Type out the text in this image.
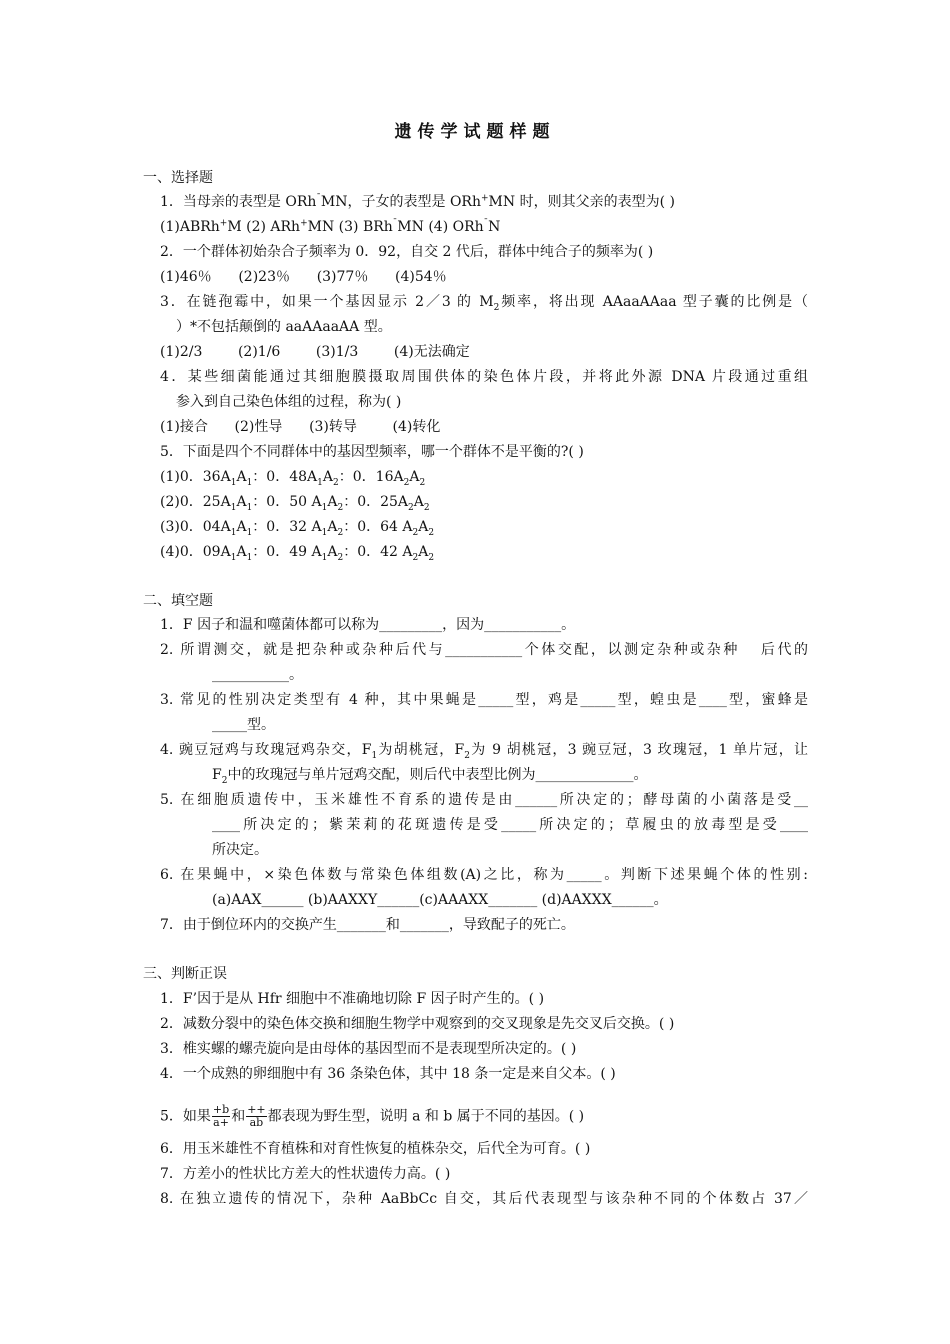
遗传学试题样题
一、选择题
1．当母亲的表型是 ORh¯MN，子女的表型是 ORh+MN 时，则其父亲的表型为( )
(1)ABRh+M (2) ARh+MN (3) BRh¯MN (4) ORh¯N
2．一个群体初始杂合子频率为 0．92，自交 2 代后，群体中纯合子的频率为( )
(1)46％      (2)23％      (3)77％      (4)54％
3．在链孢霉中，如果一个基因显示 2／3 的 $M_2$频率，将出现 AAaaAAaa 型子囊的比例是（
）*不包括颠倒的 aaAAaaAA 型。
(1)2/3        (2)1/6        (3)1/3        (4)无法确定
4．某些细菌能通过其细胞膜摄取周围供体的染色体片段，并将此外源 DNA 片段通过重组
参入到自己染色体组的过程，称为( )
(1)接合      (2)性导      (3)转导        (4)转化
5．下面是四个不同群体中的基因型频率，哪一个群体不是平衡的?( )
(1)0．$36A_1A_1$：0．$48A_1A_2$：0．$16A_2A_2$
(2)0．$25A_1A_1$：0．50 $A_1A_2$：0．$25A_2A_2$
(3)0．$04A_1A_1$：0．32 $A_1A_2$：0．64 $A_2A_2$
(4)0．$09A_1A_1$：0．49 $A_1A_2$：0．42 $A_2A_2$
二、填空题
1．F 因子和温和噬菌体都可以称为_________，因为___________。
2. 所谓测交，就是把杂种或杂种后代与___________个体交配，以测定杂种或杂种   后代的
___________。
3. 常见的性别决定类型有 4 种，其中果蝇是_____型，鸡是_____型，蝗虫是____型，蜜蜂是
_____型。
4. 豌豆冠鸡与玫瑰冠鸡杂交，$F_1$为胡桃冠，$F_2$为 9 胡桃冠，3 豌豆冠，3 玫瑰冠，1 单片冠，让
$F_2$中的玫瑰冠与单片冠鸡交配，则后代中表型比例为______________。
5. 在细胞质遗传中，玉米雄性不育系的遗传是由______所决定的；酵母菌的小菌落是受__
____所决定的；紫茉莉的花斑遗传是受_____所决定的；草履虫的放毒型是受____
所决定。
6. 在果蝇中，×染色体数与常染色体组数(A)之比，称为_____。判断下述果蝇个体的性别:
(a)AAX______ (b)AAXXY______(c)AAAXX_______ (d)AAXXX______。
7．由于倒位环内的交换产生_______和_______，导致配子的死亡。
三、判断正误
1．F’因于是从 Hfr 细胞中不准确地切除 F 因子时产生的。( )
2．减数分裂中的染色体交换和细胞生物学中观察到的交叉现象是先交叉后交换。( )
3．椎实螺的螺壳旋向是由母体的基因型而不是表现型所决定的。( )
4．一个成熟的卵细胞中有 36 条染色体，其中 18 条一定是来自父本。( )
5．如果 $\frac{+b}{a+}$ 和 $\frac{++}{ab}$ 都表现为野生型，说明 a 和 b 属于不同的基因。( )
6．用玉米雄性不育植株和对育性恢复的植株杂交，后代全为可育。( )
7．方差小的性状比方差大的性状遗传力高。( )
8. 在独立遗传的情况下，杂种 AaBbCc 自交，其后代表现型与该杂种不同的个体数占 37／
